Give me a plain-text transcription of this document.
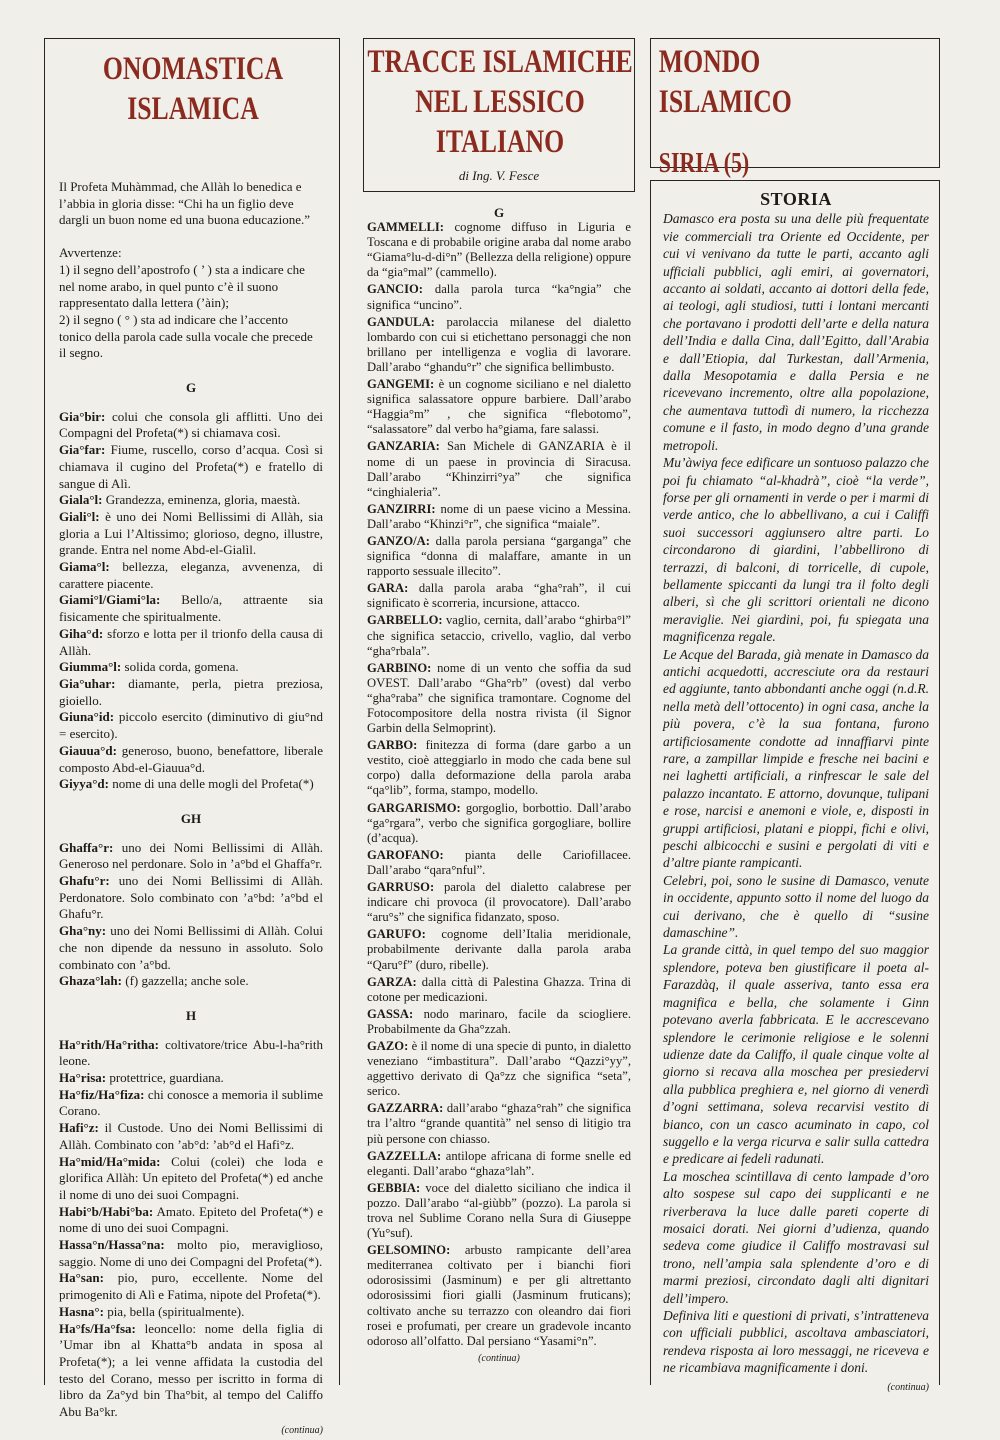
ONOMASTICA
ISLAMICA

Il Profeta Muhàmmad, che Allàh lo benedica e l’abbia in gloria disse: “Chi ha un figlio deve dargli un buon nome ed una buona educazione.”

Avvertenze:

1) il segno dell’apostrofo ( ’ ) sta a indicare che nel nome arabo, in quel punto c’è il suono rappresentato dalla lettera (’àin);

2) il segno ( ° ) sta ad indicare che l’accento tonico della parola cade sulla vocale che precede il segno.

G

Gia°bir: colui che consola gli afflitti. Uno dei Compagni del Profeta(*) si chiamava così.

Gia°far: Fiume, ruscello, corso d’acqua. Così si chiamava il cugino del Profeta(*) e fratello di sangue di Alì.

Giala°l: Grandezza, eminenza, gloria, maestà.

Giali°l: è uno dei Nomi Bellissimi di Allàh, sia gloria a Lui l’Altissimo; glorioso, degno, illustre, grande. Entra nel nome Abd-el-Gialìl.

Giama°l: bellezza, eleganza, avvenenza, di carattere piacente.

Giami°l/Giami°la: Bello/a, attraente sia fisicamente che spiritualmente.

Giha°d: sforzo e lotta per il trionfo della causa di Allàh.

Giumma°l: solida corda, gomena.

Gia°uhar: diamante, perla, pietra preziosa, gioiello.

Giuna°id: piccolo esercito (diminutivo di giu°nd = esercito).

Giauua°d: generoso, buono, benefattore, liberale composto Abd-el-Giauua°d.

Giyya°d: nome di una delle mogli del Profeta(*)

GH

Ghaffa°r: uno dei Nomi Bellissimi di Allàh. Generoso nel perdonare. Solo in ’a°bd el Ghaffa°r.

Ghafu°r: uno dei Nomi Bellissimi di Allàh. Perdonatore. Solo combinato con ’a°bd: ’a°bd el Ghafu°r.

Gha°ny: uno dei Nomi Bellissimi di Allàh. Colui che non dipende da nessuno in assoluto. Solo combinato con ’a°bd.

Ghaza°lah: (f) gazzella; anche sole.

H

Ha°rith/Ha°ritha: coltivatore/trice Abu-l-ha°rith leone.

Ha°risa: protettrice, guardiana.

Ha°fiz/Ha°fiza: chi conosce a memoria il sublime Corano.

Hafi°z: il Custode. Uno dei Nomi Bellissimi di Allàh. Combinato con ’ab°d: ’ab°d el Hafi°z.

Ha°mid/Ha°mida: Colui (colei) che loda e glorifica Allàh: Un epiteto del Profeta(*) ed anche il nome di uno dei suoi Compagni.

Habi°b/Habi°ba: Amato. Epiteto del Profeta(*) e nome di uno dei suoi Compagni.

Hassa°n/Hassa°na: molto pio, meraviglioso, saggio. Nome di uno dei Compagni del Profeta(*).

Ha°san: pio, puro, eccellente. Nome del primogenito di Alì e Fatima, nipote del Profeta(*).

Hasna°: pia, bella (spiritualmente).

Ha°fs/Ha°fsa: leoncello: nome della figlia di ’Umar ibn al Khatta°b andata in sposa al Profeta(*); a lei venne affidata la custodia del testo del Corano, messo per iscritto in forma di libro da Za°yd bin Tha°bit, al tempo del Califfo Abu Ba°kr.

(continua)
TRACCE ISLAMICHE
NEL LESSICO
ITALIANO
di Ing. V. Fesce
G

GAMMELLI: cognome diffuso in Liguria e Toscana e di probabile origine araba dal nome arabo “Giama°lu-d-di°n” (Bellezza della religione) oppure da “gia°mal” (cammello).

GANCIO: dalla parola turca “ka°ngia” che significa “uncino”.

GANDULA: parolaccia milanese del dialetto lombardo con cui si etichettano personaggi che non brillano per intelligenza e voglia di lavorare. Dall’arabo “ghandu°r” che significa bellimbusto.

GANGEMI: è un cognome siciliano e nel dialetto significa salassatore oppure barbiere. Dall’arabo “Haggia°m” , che significa “flebotomo”, “salassatore” dal verbo ha°giama, fare salassi.

GANZARIA: San Michele di GANZARIA è il nome di un paese in provincia di Siracusa. Dall’arabo “Khinzirri°ya” che significa “cinghialeria”.

GANZIRRI: nome di un paese vicino a Messina. Dall’arabo “Khinzi°r”, che significa “maiale”.

GANZO/A: dalla parola persiana “garganga” che significa “donna di malaffare, amante in un rapporto sessuale illecito”.

GARA: dalla parola araba “gha°rah”, il cui significato è scorreria, incursione, attacco.

GARBELLO: vaglio, cernita, dall’arabo “ghirba°l” che significa setaccio, crivello, vaglio, dal verbo “gha°rbala”.

GARBINO: nome di un vento che soffia da sud OVEST. Dall’arabo “Gha°rb” (ovest) dal verbo “gha°raba” che significa tramontare. Cognome del Fotocompositore della nostra rivista (il Signor Garbin della Selmoprint).

GARBO: finitezza di forma (dare garbo a un vestito, cioè atteggiarlo in modo che cada bene sul corpo) dalla deformazione della parola araba “qa°lib”, forma, stampo, modello.

GARGARISMO: gorgoglio, borbottio. Dall’arabo “ga°rgara”, verbo che significa gorgogliare, bollire (d’acqua).

GAROFANO: pianta delle Cariofillacee. Dall’arabo “qara°nful”.

GARRUSO: parola del dialetto calabrese per indicare chi provoca (il provocatore). Dall’arabo “aru°s” che significa fidanzato, sposo.

GARUFO: cognome dell’Italia meridionale, probabilmente derivante dalla parola araba “Qaru°f” (duro, ribelle).

GARZA: dalla città di Palestina Ghazza. Trina di cotone per medicazioni.

GASSA: nodo marinaro, facile da sciogliere. Probabilmente da Gha°zzah.

GAZO: è il nome di una specie di punto, in dialetto veneziano “imbastitura”. Dall’arabo “Qazzi°yy”, aggettivo derivato di Qa°zz che significa “seta”, serico.

GAZZARRA: dall’arabo “ghaza°rah” che significa tra l’altro “grande quantità” nel senso di litigio tra più persone con chiasso.

GAZZELLA: antilope africana di forme snelle ed eleganti. Dall’arabo “ghaza°lah”.

GEBBIA: voce del dialetto siciliano che indica il pozzo. Dall’arabo “al-giùbb” (pozzo). La parola si trova nel Sublime Corano nella Sura di Giuseppe (Yu°suf).

GELSOMINO: arbusto rampicante dell’area mediterranea coltivato per i bianchi fiori odorosissimi (Jasminum) e per gli altrettanto odorosissimi fiori gialli (Jasminum fruticans); coltivato anche su terrazzo con oleandro dai fiori rosei e profumati, per creare un gradevole incanto odoroso all’olfatto. Dal persiano “Yasami°n”.

(continua)
MONDO ISLAMICO
SIRIA (5)
STORIA

Damasco era posta su una delle più frequentate vie commerciali tra Oriente ed Occidente, per cui vi venivano da tutte le parti, accanto agli ufficiali pubblici, agli emiri, ai governatori, accanto ai soldati, accanto ai dottori della fede, ai teologi, agli studiosi, tutti i lontani mercanti che portavano i prodotti dell’arte e della natura dell’India e dalla Cina, dall’Egitto, dall’Arabia e dall’Etiopia, dal Turkestan, dall’Armenia, dalla Mesopotamia e dalla Persia e ne ricevevano incremento, oltre alla popolazione, che aumentava tuttodì di numero, la ricchezza comune e il fasto, in modo degno d’una grande metropoli.

Mu’àwiya fece edificare un sontuoso palazzo che poi fu chiamato “al-khadrà”, cioè “la verde”, forse per gli ornamenti in verde o per i marmi di verde antico, che lo abbellivano, a cui i Califfi suoi successori aggiunsero altre parti. Lo circondarono di giardini, l’abbellirono di terrazzi, di balconi, di torricelle, di cupole, bellamente spiccanti da lungi tra il folto degli alberi, sì che gli scrittori orientali ne dicono meraviglie. Nei giardini, poi, fu spiegata una magnificenza regale.

Le Acque del Barada, già menate in Damasco da antichi acquedotti, accresciute ora da restauri ed aggiunte, tanto abbondanti anche oggi (n.d.R. nella metà dell’ottocento) in ogni casa, anche la più povera, c’è la sua fontana, furono artificiosamente condotte ad innaffiarvi pinte rare, a zampillar limpide e fresche nei bacini e nei laghetti artificiali, a rinfrescar le sale del palazzo incantato. E attorno, dovunque, tulipani e rose, narcisi e anemoni e viole, e, disposti in gruppi artificiosi, platani e pioppi, fichi e olivi, peschi albicocchi e susini e pergolati di viti e d’altre piante rampicanti.

Celebri, poi, sono le susine di Damasco, venute in occidente, appunto sotto il nome del luogo da cui derivano, che è quello di “susine damaschine”.

La grande città, in quel tempo del suo maggior splendore, poteva ben giustificare il poeta al-Farazdàq, il quale asseriva, tanto essa era magnifica e bella, che solamente i Ginn potevano averla fabbricata. E le accrescevano splendore le cerimonie religiose e le solenni udienze date da Califfo, il quale cinque volte al giorno si recava alla moschea per presiedervi alla pubblica preghiera e, nel giorno di venerdì d’ogni settimana, soleva recarvisi vestito di bianco, con un casco acuminato in capo, col suggello e la verga ricurva e salir sulla cattedra e predicare ai fedeli radunati.

La moschea scintillava di cento lampade d’oro alto sospese sul capo dei supplicanti e ne riverberava la luce dalle pareti coperte di mosaici dorati. Nei giorni d’udienza, quando sedeva come giudice il Califfo mostravasi sul trono, nell’ampia sala splendente d’oro e di marmi preziosi, circondato dagli alti dignitari dell’impero.

Definiva liti e questioni di privati, s’intratteneva con ufficiali pubblici, ascoltava ambasciatori, rendeva risposta ai loro messaggi, ne riceveva e ne ricambiava magnificamente i doni.

(continua)
